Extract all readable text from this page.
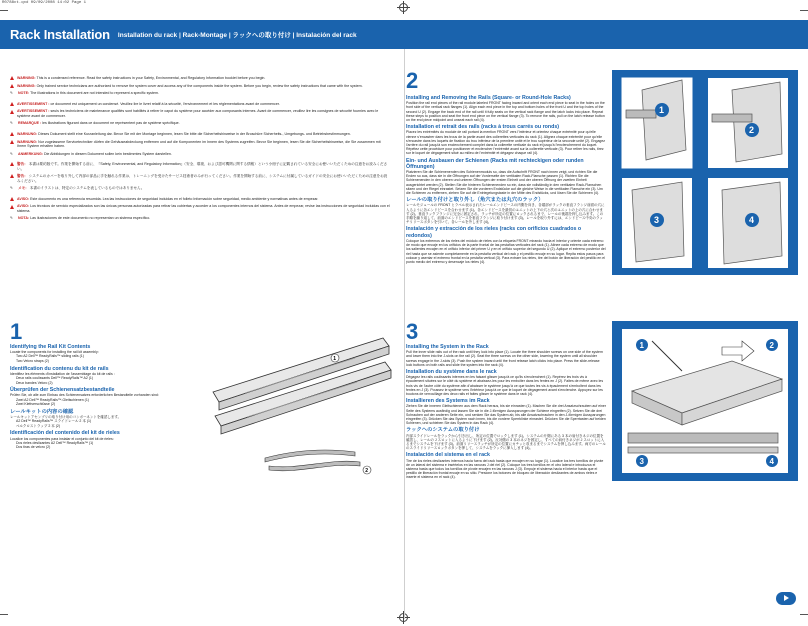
R0788ct.qxd 09/09/2008 14:02 Page 1
Rack Installation Installation du rack | Rack-Montage | ラックへの取り付け | Instalación del rack
WARNING: This is a condensed reference. Read the safety instructions in your Safety, Environmental, and Regulatory Information booklet before you begin.
WARNING: Only trained service technicians are authorized to remove the system cover and access any of the components inside the system. Before you begin, review the safety instructions that came with the system.
✎	NOTE: The illustrations in this document are not intended to represent a specific system.
AVERTISSEMENT : ce document est uniquement un condensé. Veuillez lire le livret relatif à la sécurité, l’environnement et les réglementations avant de commencer.
AVERTISSEMENT : seuls les techniciens de maintenance qualifiés sont habilités à retirer le capot du système pour accéder aux composants internes. Avant de commencer, veuillez lire les consignes de sécurité fournies avec le système avant de commencer.
✎	REMARQUE : les illustrations figurant dans ce document ne représentent pas de système spécifique.
WARNUNG: Dieses Dokument stellt eine Kurzanleitung dar. Bevor Sie mit der Montage beginnen, lesen Sie bitte die Sicherheitshinweise in der Broschüre Sicherheits-, Umgebungs- und Betriebsbestimmungen.
WARNUNG: Nur zugelassene Servicetechniker dürfen die Gehäuseabdeckung entfernen und auf die Komponenten im Innern des Systems zugreifen. Bevor Sie beginnen, lesen Sie die Sicherheitshinweise, die Sie zusammen mit Ihrem System erhalten haben.
✎	ANMERKUNG: Die Abbildungen in diesem Dokument sollen kein bestimmtes System darstellen.
警告： 本書は要約版です。作業を開始する前に、『Safety, Environmental, and Regulatory Information』（安全、環境、および認可機関に関する情報）という小冊子に記載されている安全にお使いいただくための注意をお読みください。
警告： システムのカバーを取り外して内部の部品に手を触れる作業は、トレーニングを受けたサービス技術者のみが行ってください。作業を開始する前に、システムに付属しているガイドの安全にお使いいただくための注意をお読みください。
✎	メモ： 本書のイラストは、特定のシステムを表しているものではありません。
AVISO: Este documento es una referencia resumida. Lea las instrucciones de seguridad incluidas en el folleto Información sobre seguridad, medio ambiente y normativas antes de empezar.
AVISO: Los técnicos de servicio especializados son las únicas personas autorizadas para retirar las cubiertas y acceder a los componentes internos del sistema. Antes de empezar, revise las instrucciones de seguridad incluidas con el sistema.
✎	NOTA: Las ilustraciones de este documento no representan un sistema específico.
1
Identifying the Rail Kit Contents

Locate the components for installing the rail kit assembly:

Two A2 Dell™ ReadyRails™ sliding rails (1)
Two Velcro straps (2)
Identification du contenu du kit de rails

Identifiez les éléments d’installation de l’assemblage du kit de rails :

Deux rails coulissants Dell™ ReadyRails™ A2 (1)
Deux bandes Velcro (2)
Überprüfen der Schienensatzbestandteile

Prüfen Sie, ob alle zum Einbau des Schienensatzes erforderlichen Bestandteile vorhanden sind:

Zwei A2 Dell™ ReadyRails™-Gleitschienen (1)
Zwei Klettverschlüsse (2)
レールキットの内容の確認

レールキットアセンブリの取り付け用のコンポーネントを確認します。

A2 Dell™ ReadyRails™ スライドレール 2 本 (1)
ベルクロストラップ 2 本 (2)
Identificación del contenido del kit de rieles

Localice los componentes para instalar el conjunto del kit de rieles:

Dos rieles deslizantes A2 Dell™ ReadyRails™ (1)
Dos tiras de velcro (2)
1
2
2
Installing and Removing the Rails (Square- or Round-Hole Racks)

Position the rail end pieces of the rail module labeled FRONT facing inward and orient each end piece to seat in the holes on the front side of the vertical rack flanges (1). Align each end piece in the top and bottom holes of the front U and the top holes of the second U (2). Engage the back end of the rail until it fully seats on the vertical rack flange and the latch locks into place. Repeat these steps to position and seat the front end piece on the vertical flange (3). To remove the rails, pull on the latch release button on the end piece midpoint and unseat each rail (4).

Installation et retrait des rails (racks à trous carrés ou ronds)

Placez les extrémités du module de rail portant la mention FRONT vers l’intérieur et orientez chaque extrémité pour qu’elle vienne s’encastrer dans les trous de la partie avant des collerettes verticales du rack (1). Alignez chaque extrémité pour qu’elle s’encastre dans les loquets de fixation du trou inférieur de la première unité et le trou supérieur de la seconde unité (2). Engagez l’arrière du rail jusqu’à son enclenchement complet dans la collerette verticale du rack et jusqu’à l’enclenchement du loquet. Répétez cette procédure pour positionner et enclencher l’extrémité avant sur la collerette verticale (3). Pour retirer les rails, tirez sur le loquet de dégagement situé au milieu de l’extrémité et dégagez chaque rail (4).

Ein- und Ausbauen der Schienen (Racks mit rechteckigen oder runden Öffnungen)

Platzieren Sie die Schienenenden des Schienenmoduls so, dass die Aufschrift FRONT nach innen zeigt, und richten Sie die Enden so aus, dass sie in die Öffnungen auf der Vorderseite der vertikalen Rack-Flansche passen (1). Richten Sie die Schienenenden in den oberen und unteren Öffnungen der ersten Einheit und der oberen Öffnung der zweiten Einheit ausgerichtet werden (2). Stellen Sie die hinteren Schienenenden so ein, dass sie vollständig in den vertikalen Rack-Flanschen sitzen und der Riegel einrastet. Setzen Sie die vorderen Endstücke auf die gleiche Weise in die vertikalen Flansche ein (3). Um die Schienen zu entfernen, ziehen Sie auf die Entriegelungstaste in der Mitte des Endstücks, und lösen Sie die Schienen (4).

レールの取り付けと取り外し（角穴または丸穴のラック）

レールモジュールの FRONT とラベル表示されたレールエンドピースの内側を向き、各端部がラックの垂直フランジ前面の穴に入るように各エンドピースを合わせます (1)。各エンドピースを最初のユニットの上下の穴と次のユニットの上の穴に合わせます (2)。垂直ラックフランジに完全に固定され、ラッチが所定の位置にロックされるまで、レールの後端を押し込みます。この手順を繰り返して、前面のエンドピースを垂直フランジに取り付けます (3)。レールを取り外すには、エンドピース中央のラッチリリースボタンを引いて、各レールを外します (4)。

Instalación y extracción de los rieles (racks con orificios cuadrados o redondos)

Coloque los extremos de los rieles del módulo de rieles con la etiqueta FRONT mirando hacia el interior y oriente cada extremo de modo que encaje en los orificios de la parte frontal de las pestañas verticales del rack (1). Alinee cada extremo de modo que los salientes encajen en el orificio inferior del primer U y en el orificio superior del segundo U (2). Aplique el extremo posterior del riel hasta que se asiente completamente en la pestaña vertical del rack y el pestillo encaje en su lugar. Repita estos pasos para colocar y asentar el extremo frontal en la pestaña vertical (3). Para extraer los rieles, tire del botón de liberación del pestillo en el punto medio del extremo y desencaje los rieles (4).

1
2
3	4
3
Installing the System in the Rack

Pull the inner slide rails out of the rack until they lock into place (1). Locate the three shoulder screws on one side of the system and lower them into the J-slots on the rail (2). Seat the three screws on the other side, lowering the system until all shoulder screws engage in the J-slots (3). Push the system inward until the front release latch clicks into place. Press the slide-release lock buttons on both rails and slide the system into the rack (4).

Installation du système dans le rack

Dégagez les rails coulissants internes en les faisant glisser jusqu’à ce qu’ils s’enclenchent (1). Repérez les trois vis à épaulement situées sur le côté du système et abaissez-les pour les emboîter dans les fentes en J (2). Faites de même avec les trois vis de l’autre côté du système afin d’abaisser le système jusqu’à ce que toutes les vis à épaulement s’emboîtent dans les fentes en J (3). Poussez le système vers l’intérieur jusqu’à ce que le loquet de dégagement avant s’enclenche. Appuyez sur les boutons de verrouillage des deux rails et faites glisser le système dans le rack (4).

Installieren des Systems im Rack

Ziehen Sie die inneren Gleitschienen aus dem Rack heraus, bis sie einrasten (1). Machen Sie die drei Ansatzschrauben auf einer Seite des Systems ausfindig und lassen Sie sie in die J-förmigen Aussparungen der Schiene eingreifen (2). Setzen Sie die drei Schrauben auf der anderen Seite ein, und senken Sie das System ab, bis alle Ansatzschrauben in den J-förmigen Aussparungen eingreifen (3). Drücken Sie das System nach innen, bis die vordere Sperrklinke einrastet. Drücken Sie die Sperrtasten auf beiden Schienen, und schieben Sie das System in das Rack (4).

ラックへのシステムの取り付け

内部スライドレールをラックから引き出し、所定の位置でロックします (1)。システムの片側にある 3 本の肩付きネジの位置を確認し、レールの J スロットに入るように下げます (2)。反対側の 3 本のネジを固定し、すべての肩付きネジが J スロットに入るまでシステムを下げます (3)。前面リリースラッチが所定の位置にカチッと収まるまでシステムを押し込みます。両方のレールのスライドリリースロックボタンを押して、システムをラックに挿入します (4)。

Instalación del sistema en el rack

Tire de los rieles deslizantes internos hacia fuera del rack hasta que encajen en su lugar (1). Localice los tres tornillos de pivote de un lateral del sistema e insértelos en las ranuras J del riel (2). Coloque los tres tornillos en el otro lateral e introduzca el sistema hasta que todos los tornillos de pivote encajen en las ranuras J (3). Empuje el sistema hacia el interior hasta que el pestillo de liberación frontal encaje en su sitio. Presione los botones de bloqueo de liberación deslizantes de ambos rieles e inserte el sistema en el rack (4).

1	2
3	4
